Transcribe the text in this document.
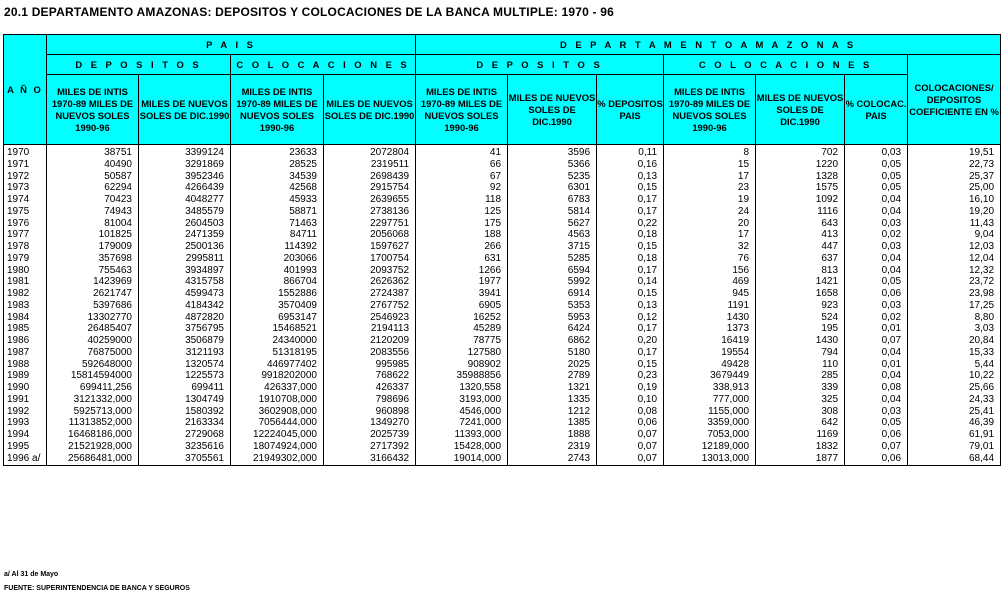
20.1 DEPARTAMENTO AMAZONAS: DEPOSITOS Y COLOCACIONES DE LA BANCA MULTIPLE: 1970 - 96
A Ñ O	P A I S				D E P A R T A M E N T O A M A Z O N A S						
	D E P O S I T O S		C O L O C A C I O N E S		D E P O S I T O S			C O L O C A C I O N E S			COLOCACIONES/ DEPOSITOS COEFICIENTE EN %
	MILES DE INTIS 1970-89 MILES DE NUEVOS SOLES 1990-96	MILES DE NUEVOS SOLES DE DIC.1990	MILES DE INTIS 1970-89 MILES DE NUEVOS SOLES 1990-96	MILES DE NUEVOS SOLES DE DIC.1990	MILES DE INTIS 1970-89 MILES DE NUEVOS SOLES 1990-96	MILES DE NUEVOS SOLES DE DIC.1990	% DEPOSITOS PAIS	MILES DE INTIS 1970-89 MILES DE NUEVOS SOLES 1990-96	MILES DE NUEVOS SOLES DE DIC.1990	% COLOCAC. PAIS	
1970	38751	3399124	23633	2072804	41	3596	0,11	8	702	0,03	19,51
1971	40490	3291869	28525	2319511	66	5366	0,16	15	1220	0,05	22,73
1972	50587	3952346	34539	2698439	67	5235	0,13	17	1328	0,05	25,37
1973	62294	4266439	42568	2915754	92	6301	0,15	23	1575	0,05	25,00
1974	70423	4048277	45933	2639655	118	6783	0,17	19	1092	0,04	16,10
1975	74943	3485579	58871	2738136	125	5814	0,17	24	1116	0,04	19,20
1976	81004	2604503	71463	2297751	175	5627	0,22	20	643	0,03	11,43
1977	101825	2471359	84711	2056068	188	4563	0,18	17	413	0,02	9,04
1978	179009	2500136	114392	1597627	266	3715	0,15	32	447	0,03	12,03
1979	357698	2995811	203066	1700754	631	5285	0,18	76	637	0,04	12,04
1980	755463	3934897	401993	2093752	1266	6594	0,17	156	813	0,04	12,32
1981	1423969	4315758	866704	2626362	1977	5992	0,14	469	1421	0,05	23,72
1982	2621747	4599473	1552886	2724387	3941	6914	0,15	945	1658	0,06	23,98
1983	5397686	4184342	3570409	2767752	6905	5353	0,13	1191	923	0,03	17,25
1984	13302770	4872820	6953147	2546923	16252	5953	0,12	1430	524	0,02	8,80
1985	26485407	3756795	15468521	2194113	45289	6424	0,17	1373	195	0,01	3,03
1986	40259000	3506879	24340000	2120209	78775	6862	0,20	16419	1430	0,07	20,84
1987	76875000	3121193	51318195	2083556	127580	5180	0,17	19554	794	0,04	15,33
1988	592648000	1320574	446977402	995985	908902	2025	0,15	49428	110	0,01	5,44
1989	15814594000	1225573	9918202000	768622	35988856	2789	0,23	3679449	285	0,04	10,22
1990	699411,256	699411	426337,000	426337	1320,558	1321	0,19	338,913	339	0,08	25,66
1991	3121332,000	1304749	1910708,000	798696	3193,000	1335	0,10	777,000	325	0,04	24,33
1992	5925713,000	1580392	3602908,000	960898	4546,000	1212	0,08	1155,000	308	0,03	25,41
1993	11313852,000	2163334	7056444,000	1349270	7241,000	1385	0,06	3359,000	642	0,05	46,39
1994	16468186,000	2729068	12224045,000	2025739	11393,000	1888	0,07	7053,000	1169	0,06	61,91
1995	21521928,000	3235616	18074924,000	2717392	15428,000	2319	0,07	12189,000	1832	0,07	79,01
1996 a/	25686481,000	3705561	21949302,000	3166432	19014,000	2743	0,07	13013,000	1877	0,06	68,44
a/ Al 31 de Mayo
FUENTE: SUPERINTENDENCIA DE BANCA Y SEGUROS
